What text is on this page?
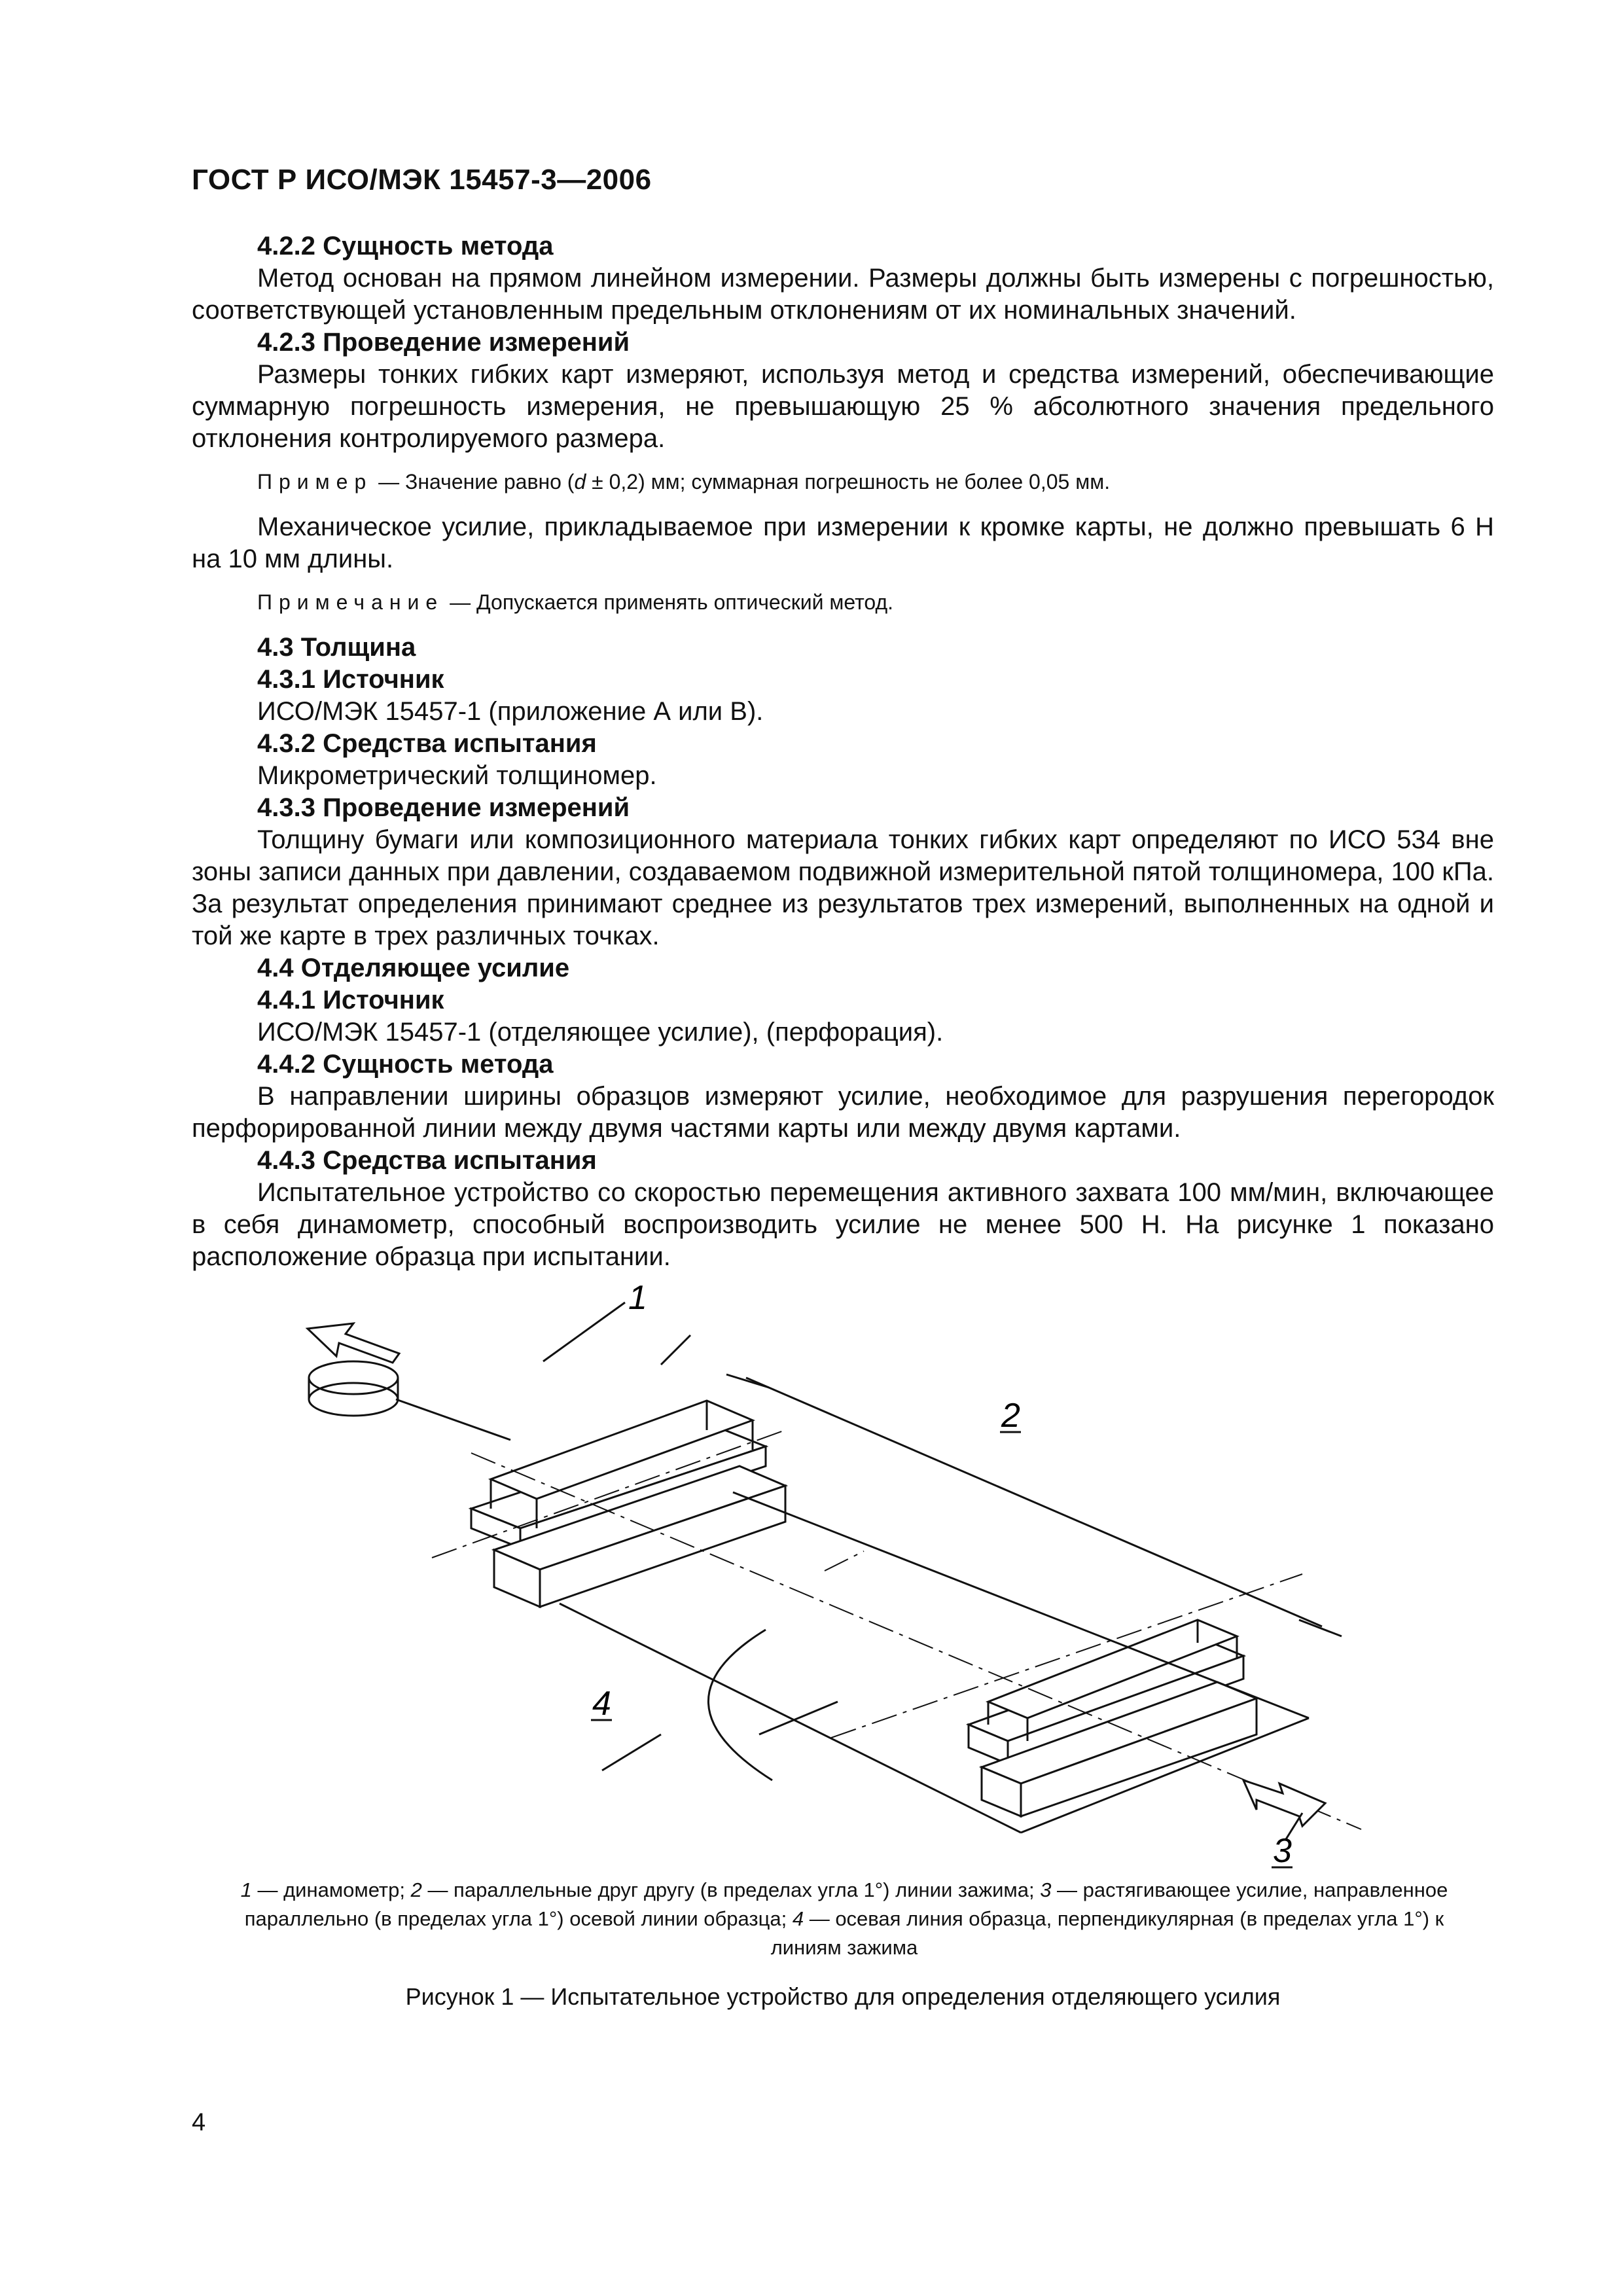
ГОСТ Р ИСО/МЭК 15457-3—2006
4.2.2 Сущность метода

Метод основан на прямом линейном измерении. Размеры должны быть измерены с погрешностью, соответствующей установленным предельным отклонениям от их номинальных значений.

4.2.3 Проведение измерений

Размеры тонких гибких карт измеряют, используя метод и средства измерений, обеспечивающие суммарную погрешность измерения, не превышающую 25 % абсолютного значения предельного отклонения контролируемого размера.

Пример — Значение равно (d ± 0,2) мм; суммарная погрешность не более 0,05 мм.

Механическое усилие, прикладываемое при измерении к кромке карты, не должно превышать 6 Н на 10 мм длины.

Примечание — Допускается применять оптический метод.

4.3 Толщина
4.3.1 Источник

ИСО/МЭК 15457-1 (приложение А или В).

4.3.2 Средства испытания

Микрометрический толщиномер.

4.3.3 Проведение измерений

Толщину бумаги или композиционного материала тонких гибких карт определяют по ИСО 534 вне зоны записи данных при давлении, создаваемом подвижной измерительной пятой толщиномера, 100 кПа. За результат определения принимают среднее из результатов трех измерений, выполненных на одной и той же карте в трех различных точках.

4.4 Отделяющее усилие
4.4.1 Источник

ИСО/МЭК 15457-1 (отделяющее усилие), (перфорация).

4.4.2 Сущность метода

В направлении ширины образцов измеряют усилие, необходимое для разрушения перегородок перфорированной линии между двумя частями карты или между двумя картами.

4.4.3 Средства испытания

Испытательное устройство со скоростью перемещения активного захвата 100 мм/мин, включающее в себя динамометр, способный воспроизводить усилие не менее 500 Н. На рисунке 1 показано расположение образца при испытании.

1
2
3
4
1 — динамометр; 2 — параллельные друг другу (в пределах угла 1°) линии зажима; 3 — растягивающее усилие, направленное параллельно (в пределах угла 1°) осевой линии образца; 4 — осевая линия образца, перпендикулярная (в пределах угла 1°) к линиям зажима
Рисунок 1 — Испытательное устройство для определения отделяющего усилия
4
